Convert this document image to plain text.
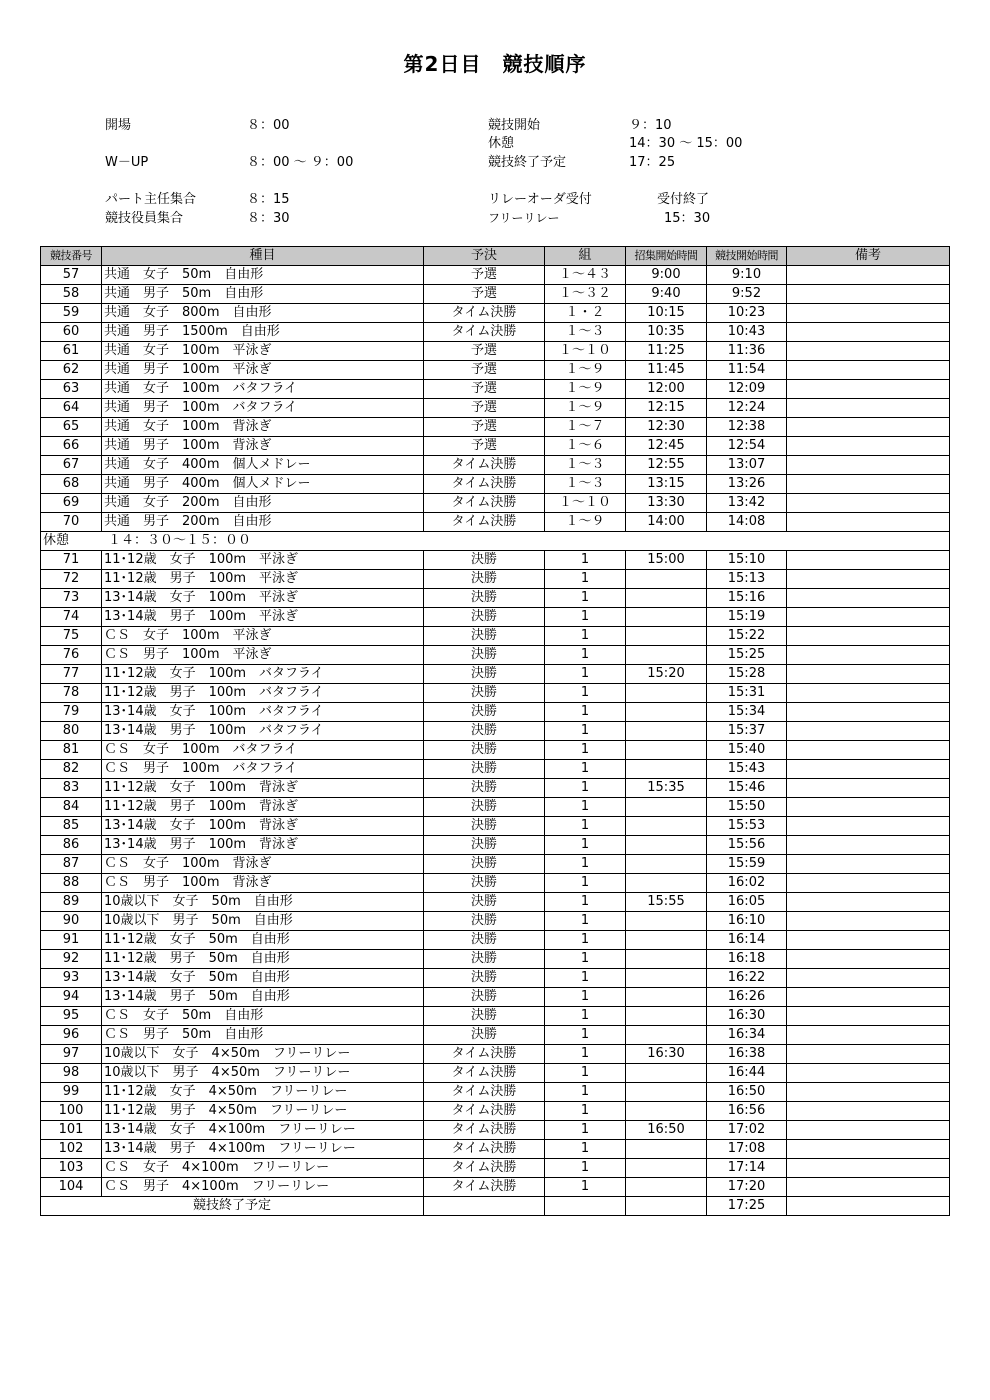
第2日目　競技順序
開場	８：00
W－UP	８：00 ～ ９：00
パート主任集合	８：15
競技役員集合	８：30
競技開始	９：10
休憩	14：30 ～ 15：00
競技終了予定	17：25
リレーオーダ受付	受付終了
フリーリレー	15：30
競技番号	種目	予決	組	招集開始時間	競技開始時間	備考
57	共通　女子　50m　自由形	予選	１～４３	9:00	9:10	
58	共通　男子　50m　自由形	予選	１～３２	9:40	9:52	
59	共通　女子　800m　自由形	タイム決勝	１・２	10:15	10:23	
60	共通　男子　1500m　自由形	タイム決勝	１～３	10:35	10:43	
61	共通　女子　100m　平泳ぎ	予選	１～１０	11:25	11:36	
62	共通　男子　100m　平泳ぎ	予選	１～９	11:45	11:54	
63	共通　女子　100m　バタフライ	予選	１～９	12:00	12:09	
64	共通　男子　100m　バタフライ	予選	１～９	12:15	12:24	
65	共通　女子　100m　背泳ぎ	予選	１～７	12:30	12:38	
66	共通　男子　100m　背泳ぎ	予選	１～６	12:45	12:54	
67	共通　女子　400m　個人メドレー	タイム決勝	１～３	12:55	13:07	
68	共通　男子　400m　個人メドレー	タイム決勝	１～３	13:15	13:26	
69	共通　女子　200m　自由形	タイム決勝	１～１０	13:30	13:42	
70	共通　男子　200m　自由形	タイム決勝	１～９	14:00	14:08	
休憩　　　１４：３０～１５：００						
71	11･12歳　女子　100m　平泳ぎ	決勝	1	15:00	15:10	
72	11･12歳　男子　100m　平泳ぎ	決勝	1		15:13	
73	13･14歳　女子　100m　平泳ぎ	決勝	1		15:16	
74	13･14歳　男子　100m　平泳ぎ	決勝	1		15:19	
75	ＣＳ　女子　100m　平泳ぎ	決勝	1		15:22	
76	ＣＳ　男子　100m　平泳ぎ	決勝	1		15:25	
77	11･12歳　女子　100m　バタフライ	決勝	1	15:20	15:28	
78	11･12歳　男子　100m　バタフライ	決勝	1		15:31	
79	13･14歳　女子　100m　バタフライ	決勝	1		15:34	
80	13･14歳　男子　100m　バタフライ	決勝	1		15:37	
81	ＣＳ　女子　100m　バタフライ	決勝	1		15:40	
82	ＣＳ　男子　100m　バタフライ	決勝	1		15:43	
83	11･12歳　女子　100m　背泳ぎ	決勝	1	15:35	15:46	
84	11･12歳　男子　100m　背泳ぎ	決勝	1		15:50	
85	13･14歳　女子　100m　背泳ぎ	決勝	1		15:53	
86	13･14歳　男子　100m　背泳ぎ	決勝	1		15:56	
87	ＣＳ　女子　100m　背泳ぎ	決勝	1		15:59	
88	ＣＳ　男子　100m　背泳ぎ	決勝	1		16:02	
89	10歳以下　女子　50m　自由形	決勝	1	15:55	16:05	
90	10歳以下　男子　50m　自由形	決勝	1		16:10	
91	11･12歳　女子　50m　自由形	決勝	1		16:14	
92	11･12歳　男子　50m　自由形	決勝	1		16:18	
93	13･14歳　女子　50m　自由形	決勝	1		16:22	
94	13･14歳　男子　50m　自由形	決勝	1		16:26	
95	ＣＳ　女子　50m　自由形	決勝	1		16:30	
96	ＣＳ　男子　50m　自由形	決勝	1		16:34	
97	10歳以下　女子　4×50m　フリーリレー	タイム決勝	1	16:30	16:38	
98	10歳以下　男子　4×50m　フリーリレー	タイム決勝	1		16:44	
99	11･12歳　女子　4×50m　フリーリレー	タイム決勝	1		16:50	
100	11･12歳　男子　4×50m　フリーリレー	タイム決勝	1		16:56	
101	13･14歳　女子　4×100m　フリーリレー	タイム決勝	1	16:50	17:02	
102	13･14歳　男子　4×100m　フリーリレー	タイム決勝	1		17:08	
103	ＣＳ　女子　4×100m　フリーリレー	タイム決勝	1		17:14	
104	ＣＳ　男子　4×100m　フリーリレー	タイム決勝	1		17:20	
競技終了予定					17:25	
